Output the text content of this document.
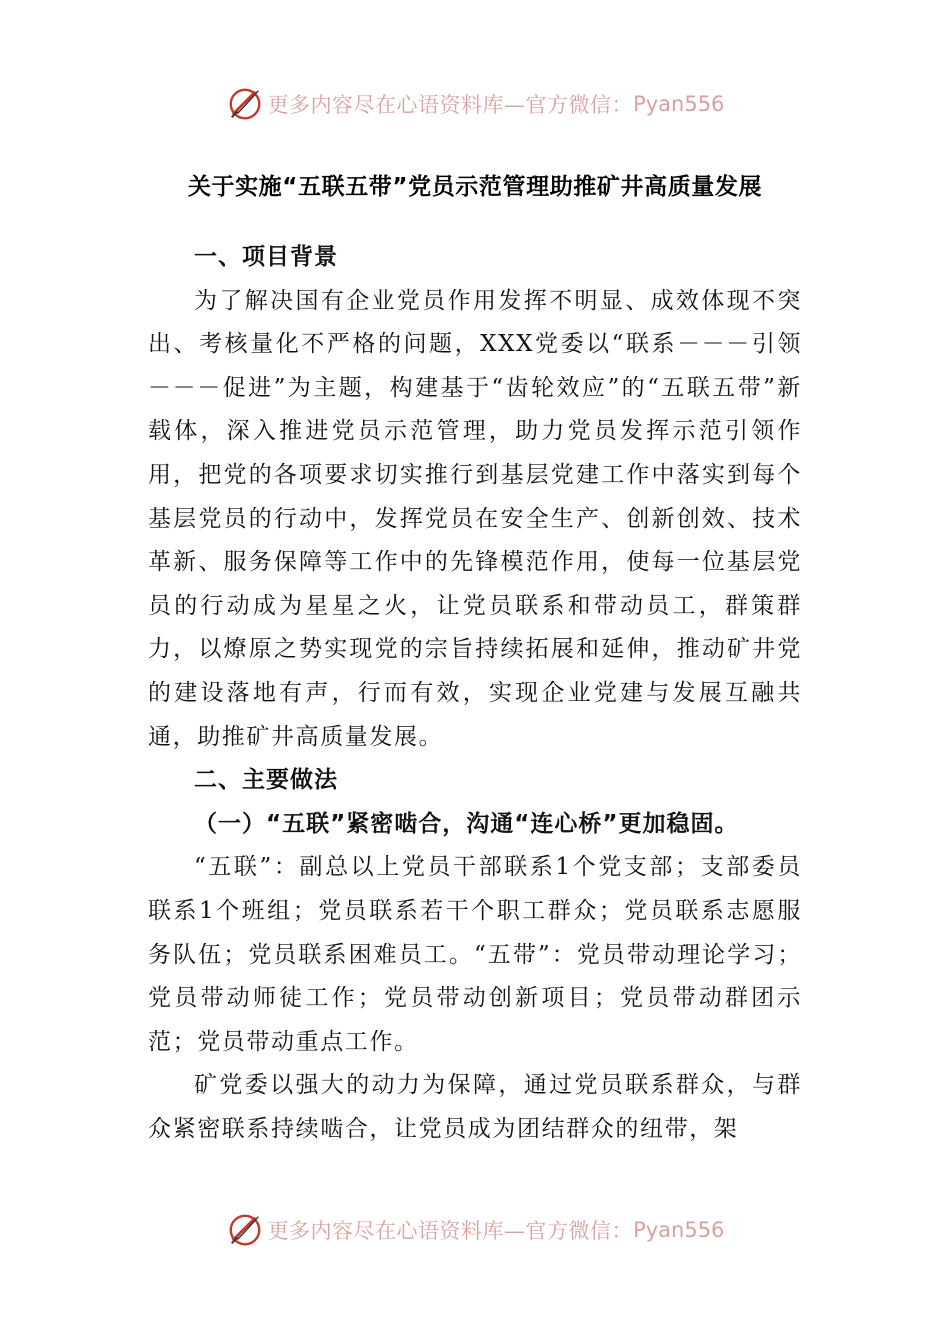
更多内容尽在心语资料库—官方微信： Pyan556
关于实施“五联五带”党员示范管理助推矿井高质量发展

一、项目背景

为了解决国有企业党员作用发挥不明显、成效体现不突出、考核量化不严格的问题，XXX党委以“联系－－－引领－－－促进”为主题，构建基于“齿轮效应”的“五联五带”新载体，深入推进党员示范管理，助力党员发挥示范引领作用，把党的各项要求切实推行到基层党建工作中落实到每个基层党员的行动中，发挥党员在安全生产、创新创效、技术革新、服务保障等工作中的先锋模范作用，使每一位基层党员的行动成为星星之火，让党员联系和带动员工，群策群力，以燎原之势实现党的宗旨持续拓展和延伸，推动矿井党的建设落地有声，行而有效，实现企业党建与发展互融共通，助推矿井高质量发展。

二、主要做法

（一）“五联”紧密啮合，沟通“连心桥”更加稳固。

“五联”：副总以上党员干部联系1个党支部；支部委员联系1个班组；党员联系若干个职工群众；党员联系志愿服务队伍；党员联系困难员工。“五带”：党员带动理论学习；党员带动师徒工作；党员带动创新项目；党员带动群团示范；党员带动重点工作。

矿党委以强大的动力为保障，通过党员联系群众，与群众紧密联系持续啮合，让党员成为团结群众的纽带，架

更多内容尽在心语资料库—官方微信： Pyan556
